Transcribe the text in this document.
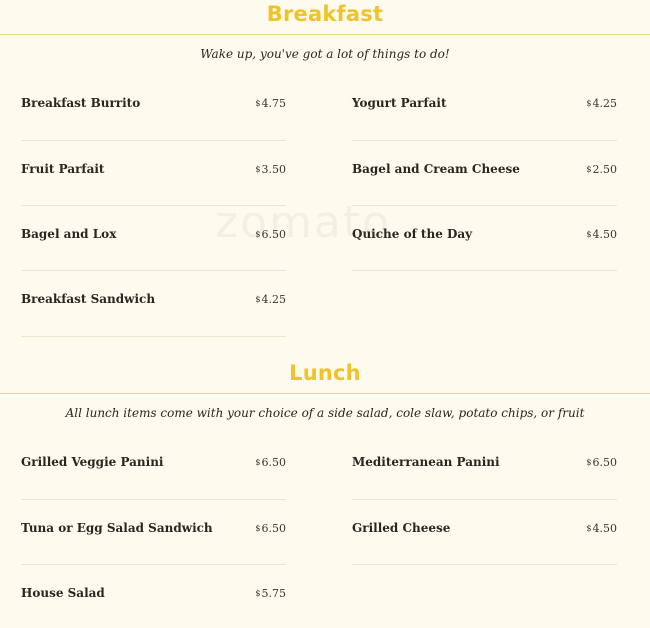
Breakfast
Wake up, you've got a lot of things to do!
Breakfast Burrito	$4.75
Fruit Parfait	$3.50
Bagel and Lox	$6.50
Breakfast Sandwich	$4.25
Yogurt Parfait	$4.25
Bagel and Cream Cheese	$2.50
Quiche of the Day	$4.50
Lunch
All lunch items come with your choice of a side salad, cole slaw, potato chips, or fruit
Grilled Veggie Panini	$6.50
Tuna or Egg Salad Sandwich	$6.50
House Salad	$5.75
Mediterranean Panini	$6.50
Grilled Cheese	$4.50
